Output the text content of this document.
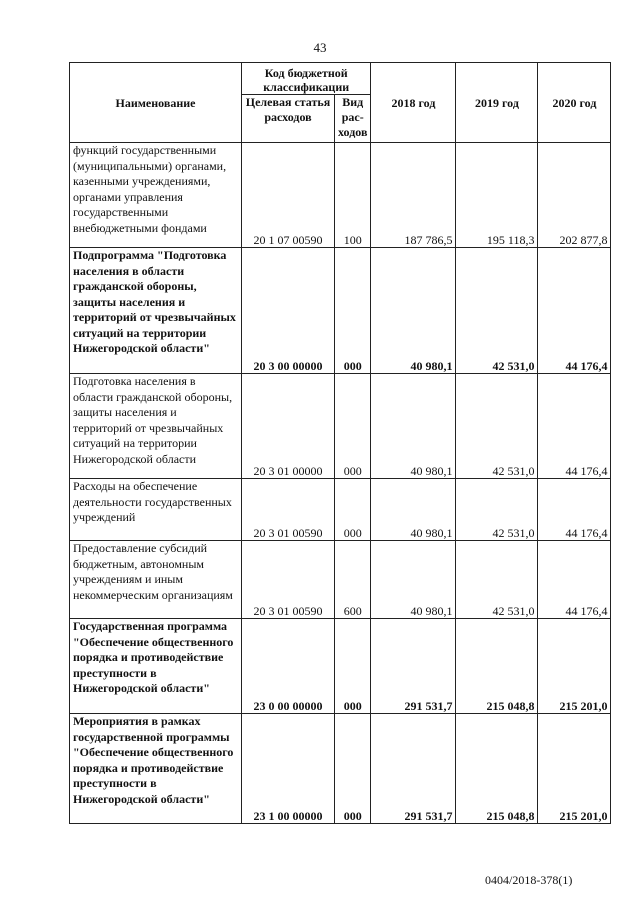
43
Наименование	Код бюджетной классификации		2018 год	2019 год	2020 год
	Целевая статья расходов	Вид рас-ходов			
функций государственными (муниципальными) органами, казенными учреждениями, органами управления государственными внебюджетными фондами	20 1 07 00590	100	187 786,5	195 118,3	202 877,8
Подпрограмма "Подготовка населения в области гражданской обороны, защиты населения и территорий от чрезвычайных ситуаций на территории Нижегородской области"	20 3 00 00000	000	40 980,1	42 531,0	44 176,4
Подготовка населения в области гражданской обороны, защиты населения и территорий от чрезвычайных ситуаций на территории Нижегородской области	20 3 01 00000	000	40 980,1	42 531,0	44 176,4
Расходы на обеспечение деятельности государственных учреждений	20 3 01 00590	000	40 980,1	42 531,0	44 176,4
Предоставление субсидий бюджетным, автономным учреждениям и иным некоммерческим организациям	20 3 01 00590	600	40 980,1	42 531,0	44 176,4
Государственная программа "Обеспечение общественного порядка и противодействие преступности в Нижегородской области"	23 0 00 00000	000	291 531,7	215 048,8	215 201,0
Мероприятия в рамках государственной программы "Обеспечение общественного порядка и противодействие преступности в Нижегородской области"	23 1 00 00000	000	291 531,7	215 048,8	215 201,0
0404/2018-378(1)
